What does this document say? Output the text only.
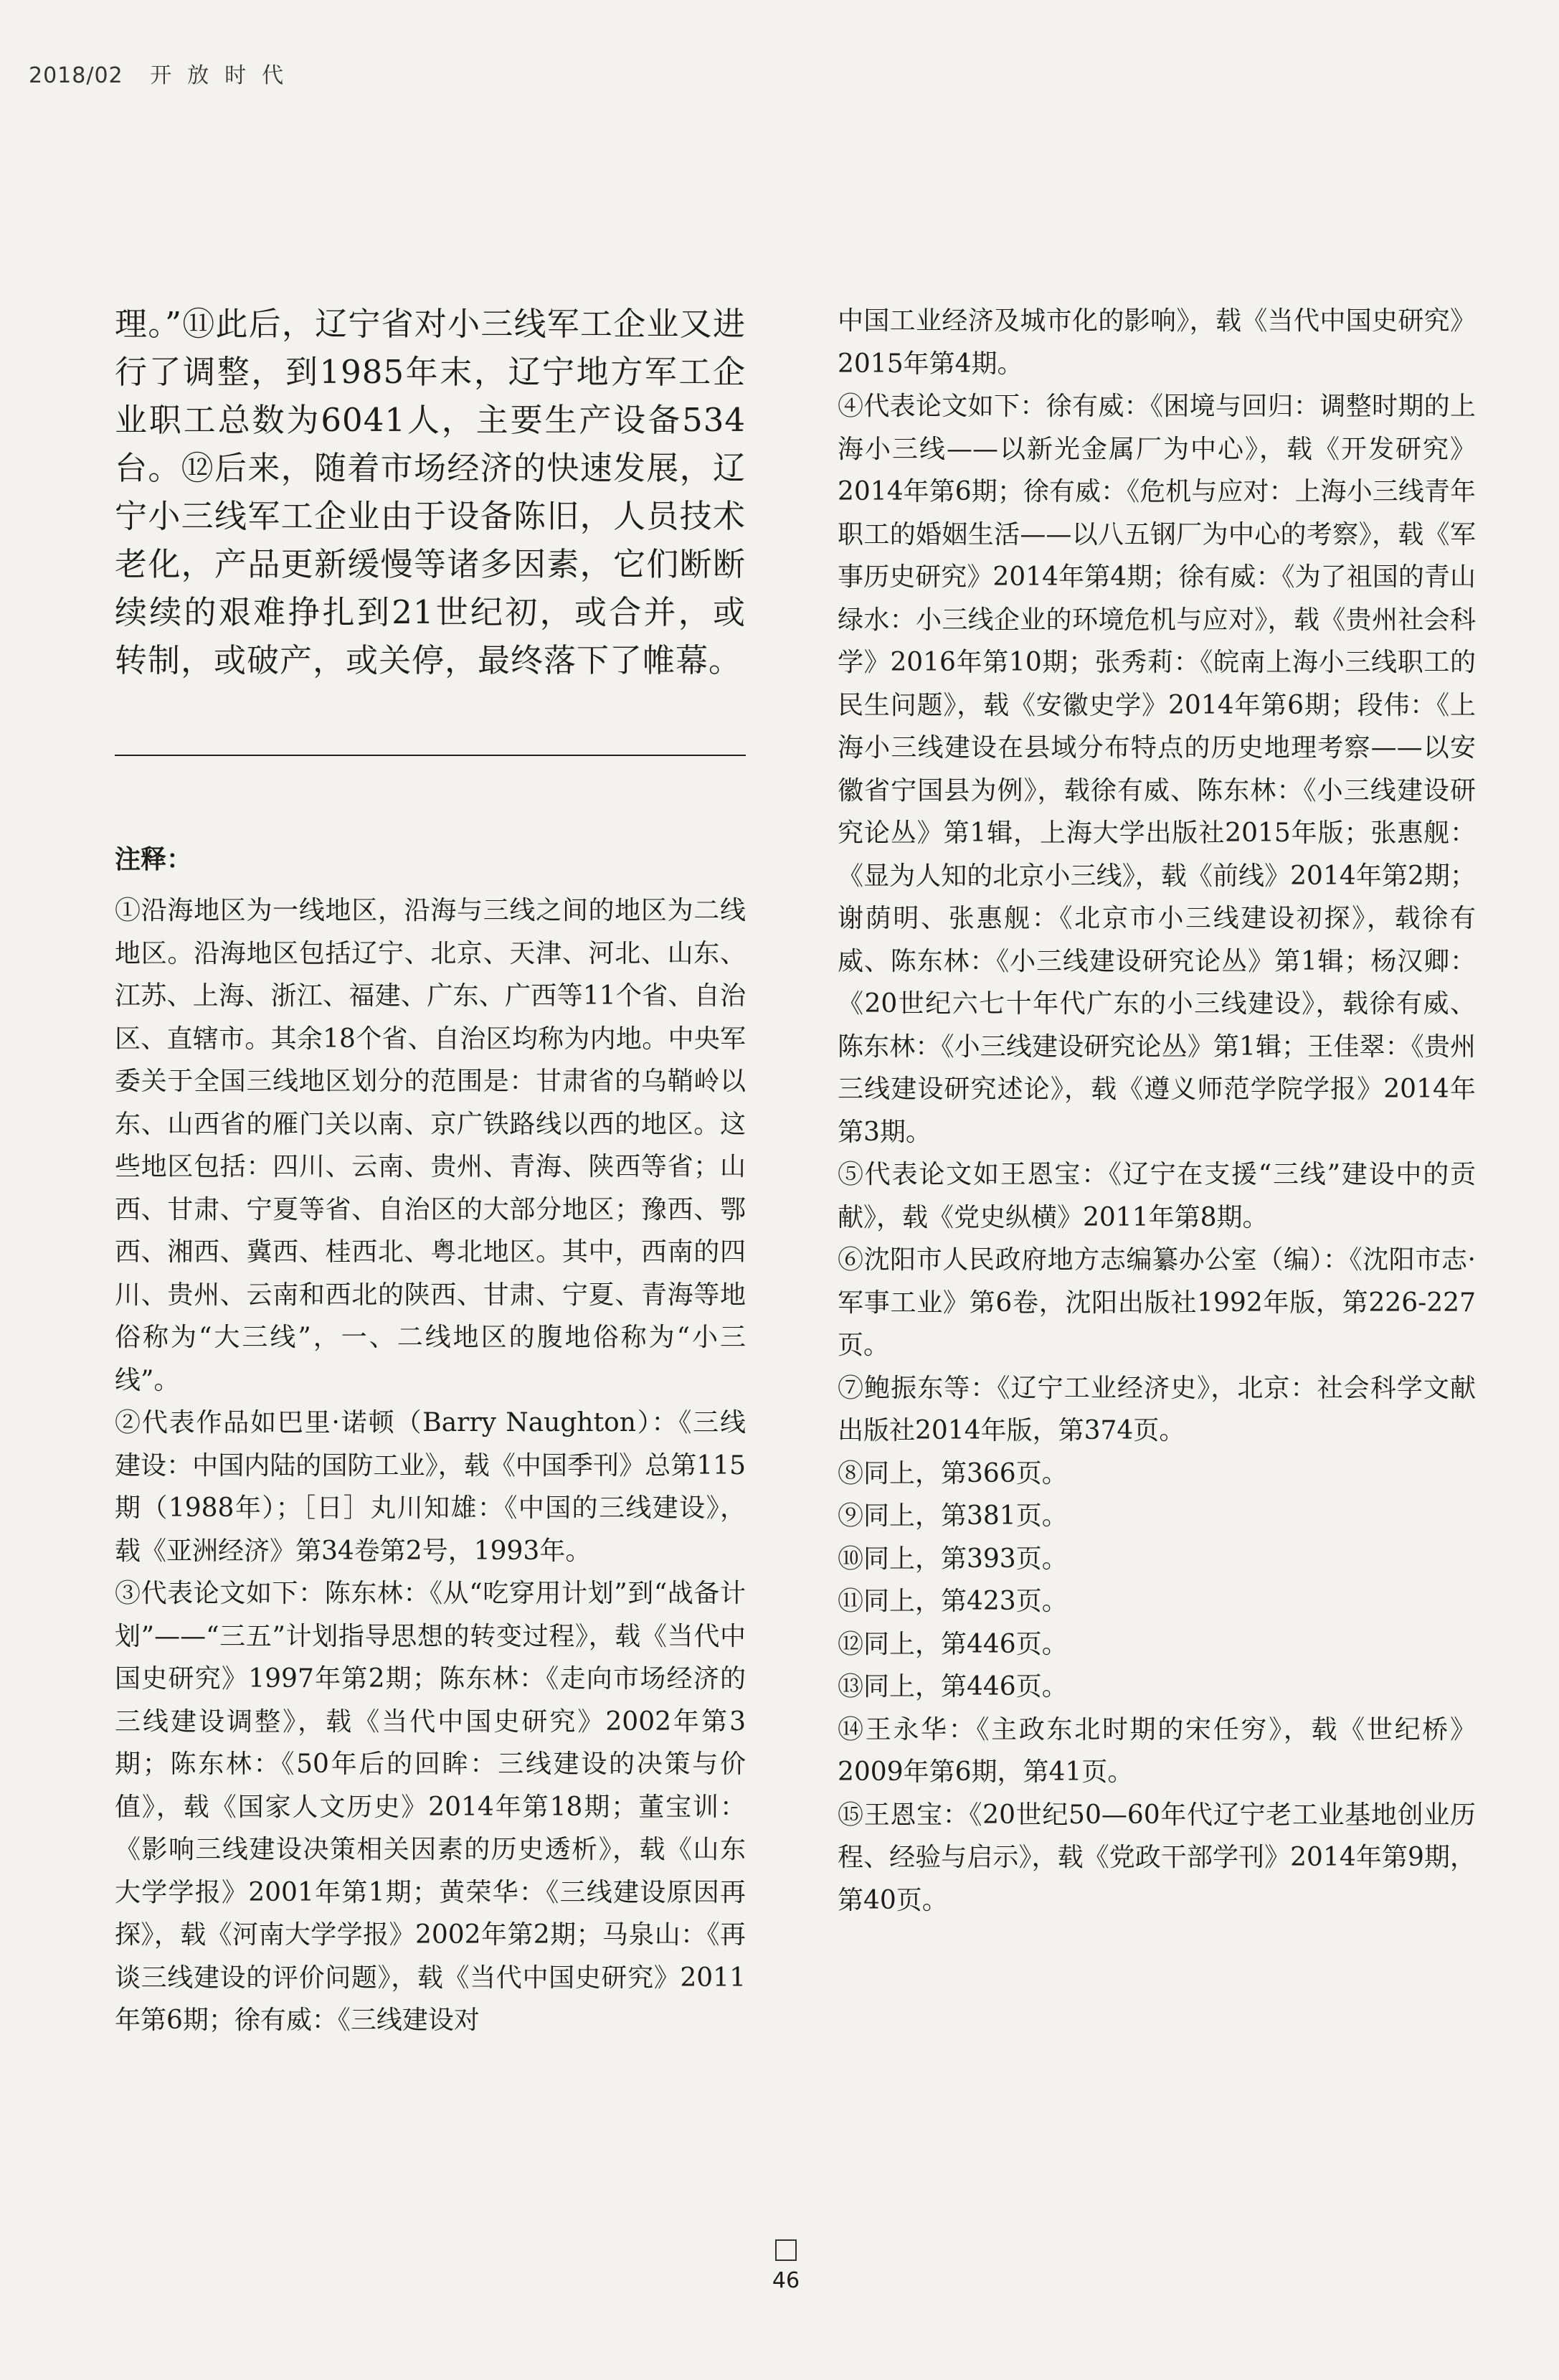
2018/02 开放时代

理。”⑪此后，辽宁省对小三线军工企业又进行了调整，到1985年末，辽宁地方军工企业职工总数为6041人，主要生产设备534台。⑫后来，随着市场经济的快速发展，辽宁小三线军工企业由于设备陈旧，人员技术老化，产品更新缓慢等诸多因素，它们断断续续的艰难挣扎到21世纪初，或合并，或转制，或破产，或关停，最终落下了帷幕。

注释：

①沿海地区为一线地区，沿海与三线之间的地区为二线地区。沿海地区包括辽宁、北京、天津、河北、山东、江苏、上海、浙江、福建、广东、广西等11个省、自治区、直辖市。其余18个省、自治区均称为内地。中央军委关于全国三线地区划分的范围是：甘肃省的乌鞘岭以东、山西省的雁门关以南、京广铁路线以西的地区。这些地区包括：四川、云南、贵州、青海、陕西等省；山西、甘肃、宁夏等省、自治区的大部分地区；豫西、鄂西、湘西、冀西、桂西北、粤北地区。其中，西南的四川、贵州、云南和西北的陕西、甘肃、宁夏、青海等地俗称为“大三线”，一、二线地区的腹地俗称为“小三线”。

②代表作品如巴里·诺顿（Barry Naughton）：《三线建设：中国内陆的国防工业》，载《中国季刊》总第115期（1988年）；［日］丸川知雄：《中国的三线建设》，载《亚洲经济》第34卷第2号，1993年。

③代表论文如下：陈东林：《从“吃穿用计划”到“战备计划”——“三五”计划指导思想的转变过程》，载《当代中国史研究》1997年第2期；陈东林：《走向市场经济的三线建设调整》，载《当代中国史研究》2002年第3期；陈东林：《50年后的回眸：三线建设的决策与价值》，载《国家人文历史》2014年第18期；董宝训：《影响三线建设决策相关因素的历史透析》，载《山东大学学报》2001年第1期；黄荣华：《三线建设原因再探》，载《河南大学学报》2002年第2期；马泉山：《再谈三线建设的评价问题》，载《当代中国史研究》2011年第6期；徐有威：《三线建设对

中国工业经济及城市化的影响》，载《当代中国史研究》2015年第4期。

④代表论文如下：徐有威：《困境与回归：调整时期的上海小三线——以新光金属厂为中心》，载《开发研究》2014年第6期；徐有威：《危机与应对：上海小三线青年职工的婚姻生活——以八五钢厂为中心的考察》，载《军事历史研究》2014年第4期；徐有威：《为了祖国的青山绿水：小三线企业的环境危机与应对》，载《贵州社会科学》2016年第10期；张秀莉：《皖南上海小三线职工的民生问题》，载《安徽史学》2014年第6期；段伟：《上海小三线建设在县域分布特点的历史地理考察——以安徽省宁国县为例》，载徐有威、陈东林：《小三线建设研究论丛》第1辑，上海大学出版社2015年版；张惠舰：《显为人知的北京小三线》，载《前线》2014年第2期；谢荫明、张惠舰：《北京市小三线建设初探》，载徐有威、陈东林：《小三线建设研究论丛》第1辑；杨汉卿：《20世纪六七十年代广东的小三线建设》，载徐有威、陈东林：《小三线建设研究论丛》第1辑；王佳翠：《贵州三线建设研究述论》，载《遵义师范学院学报》2014年第3期。

⑤代表论文如王恩宝：《辽宁在支援“三线”建设中的贡献》，载《党史纵横》2011年第8期。

⑥沈阳市人民政府地方志编纂办公室（编）：《沈阳市志·军事工业》第6卷，沈阳出版社1992年版，第226-227页。

⑦鲍振东等：《辽宁工业经济史》，北京：社会科学文献出版社2014年版，第374页。

⑧同上，第366页。

⑨同上，第381页。

⑩同上，第393页。

⑪同上，第423页。

⑫同上，第446页。

⑬同上，第446页。

⑭王永华：《主政东北时期的宋任穷》，载《世纪桥》2009年第6期，第41页。

⑮王恩宝：《20世纪50—60年代辽宁老工业基地创业历程、经验与启示》，载《党政干部学刊》2014年第9期，第40页。

46
